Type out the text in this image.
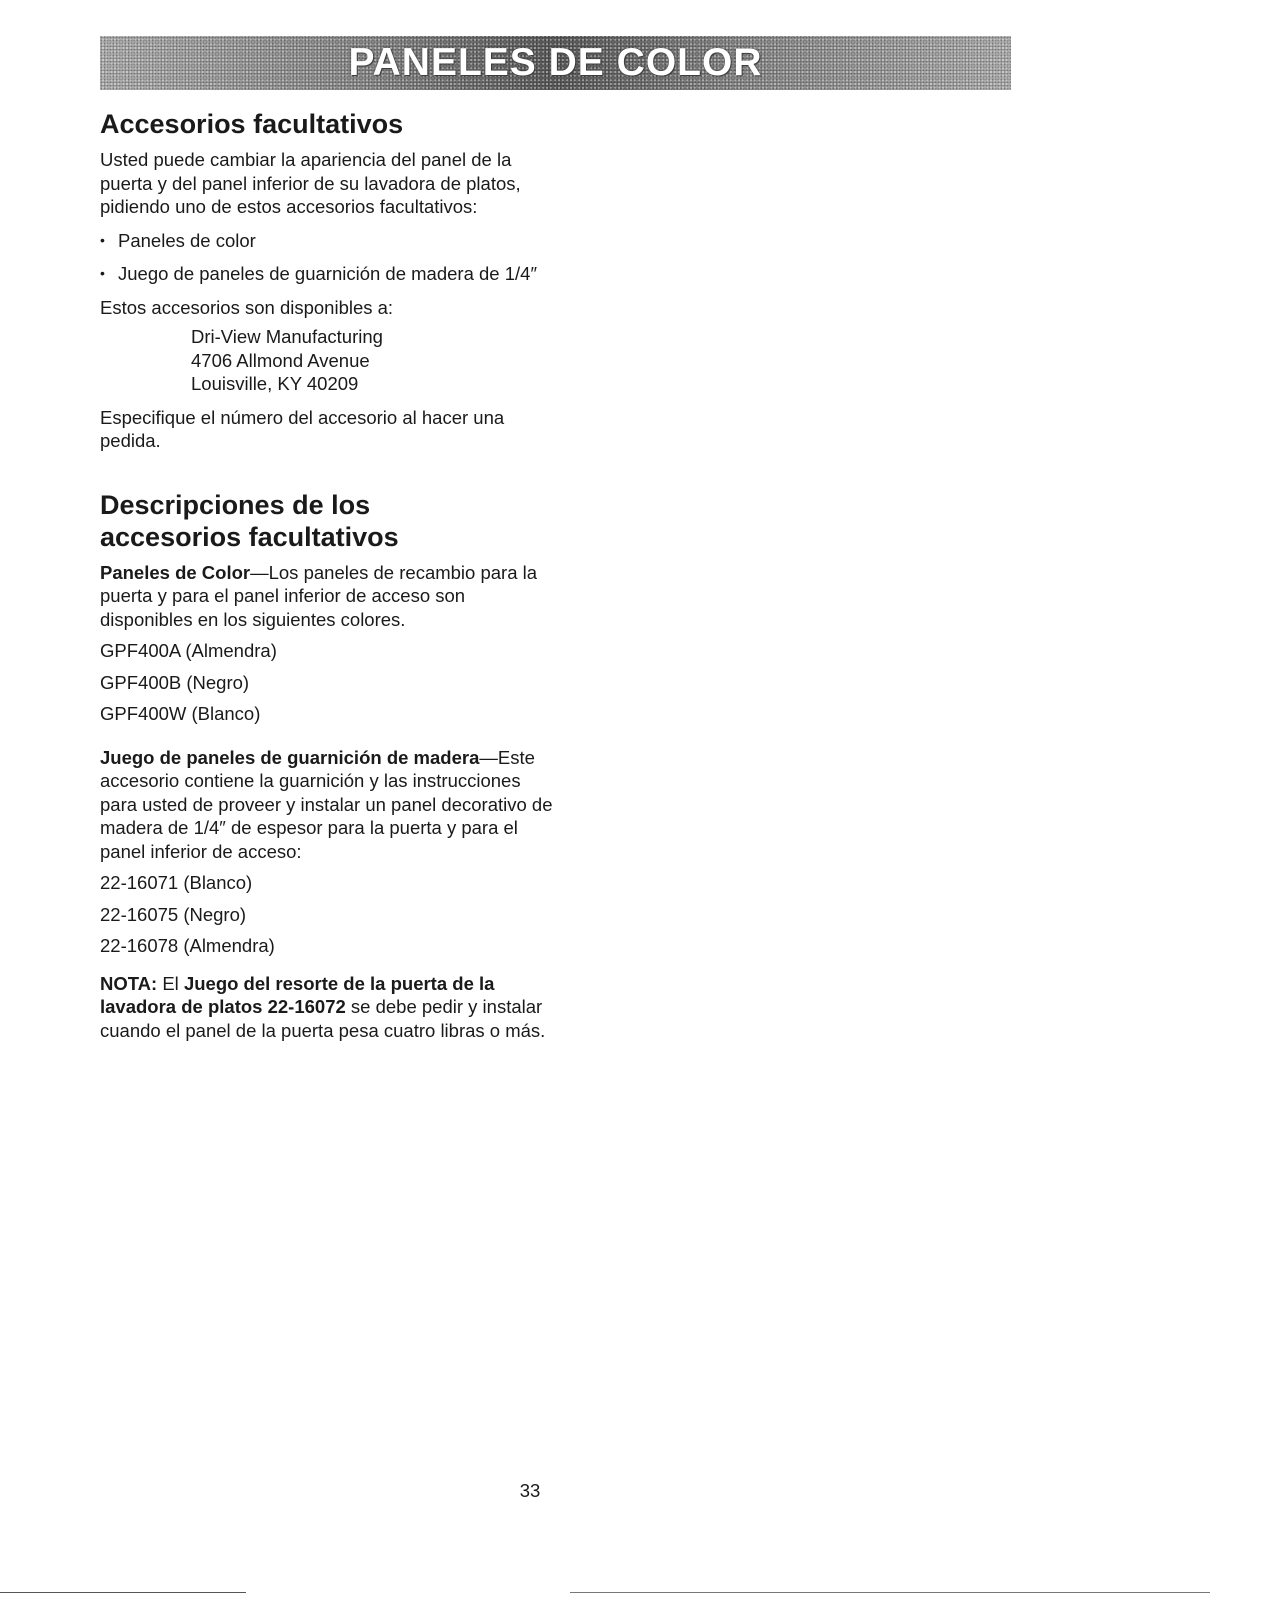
PANELES DE COLOR
Accesorios facultativos

Usted puede cambiar la apariencia del panel de la puerta y del panel inferior de su lavadora de platos, pidiendo uno de estos accesorios facultativos:

• Paneles de color
• Juego de paneles de guarnición de madera de 1/4″

Estos accesorios son disponibles a:

Dri-View Manufacturing

4706 Allmond Avenue

Louisville, KY 40209

Especifique el número del accesorio al hacer una pedida.

Descripciones de los
accesorios facultativos

Paneles de Color—Los paneles de recambio para la puerta y para el panel inferior de acceso son disponibles en los siguientes colores.

GPF400A (Almendra)

GPF400B (Negro)

GPF400W (Blanco)

Juego de paneles de guarnición de madera—Este accesorio contiene la guarnición y las instrucciones para usted de proveer y instalar un panel decorativo de madera de 1/4″ de espesor para la puerta y para el panel inferior de acceso:

22-16071 (Blanco)

22-16075 (Negro)

22-16078 (Almendra)

NOTA: El Juego del resorte de la puerta de la lavadora de platos 22-16072 se debe pedir y instalar cuando el panel de la puerta pesa cuatro libras o más.

33
